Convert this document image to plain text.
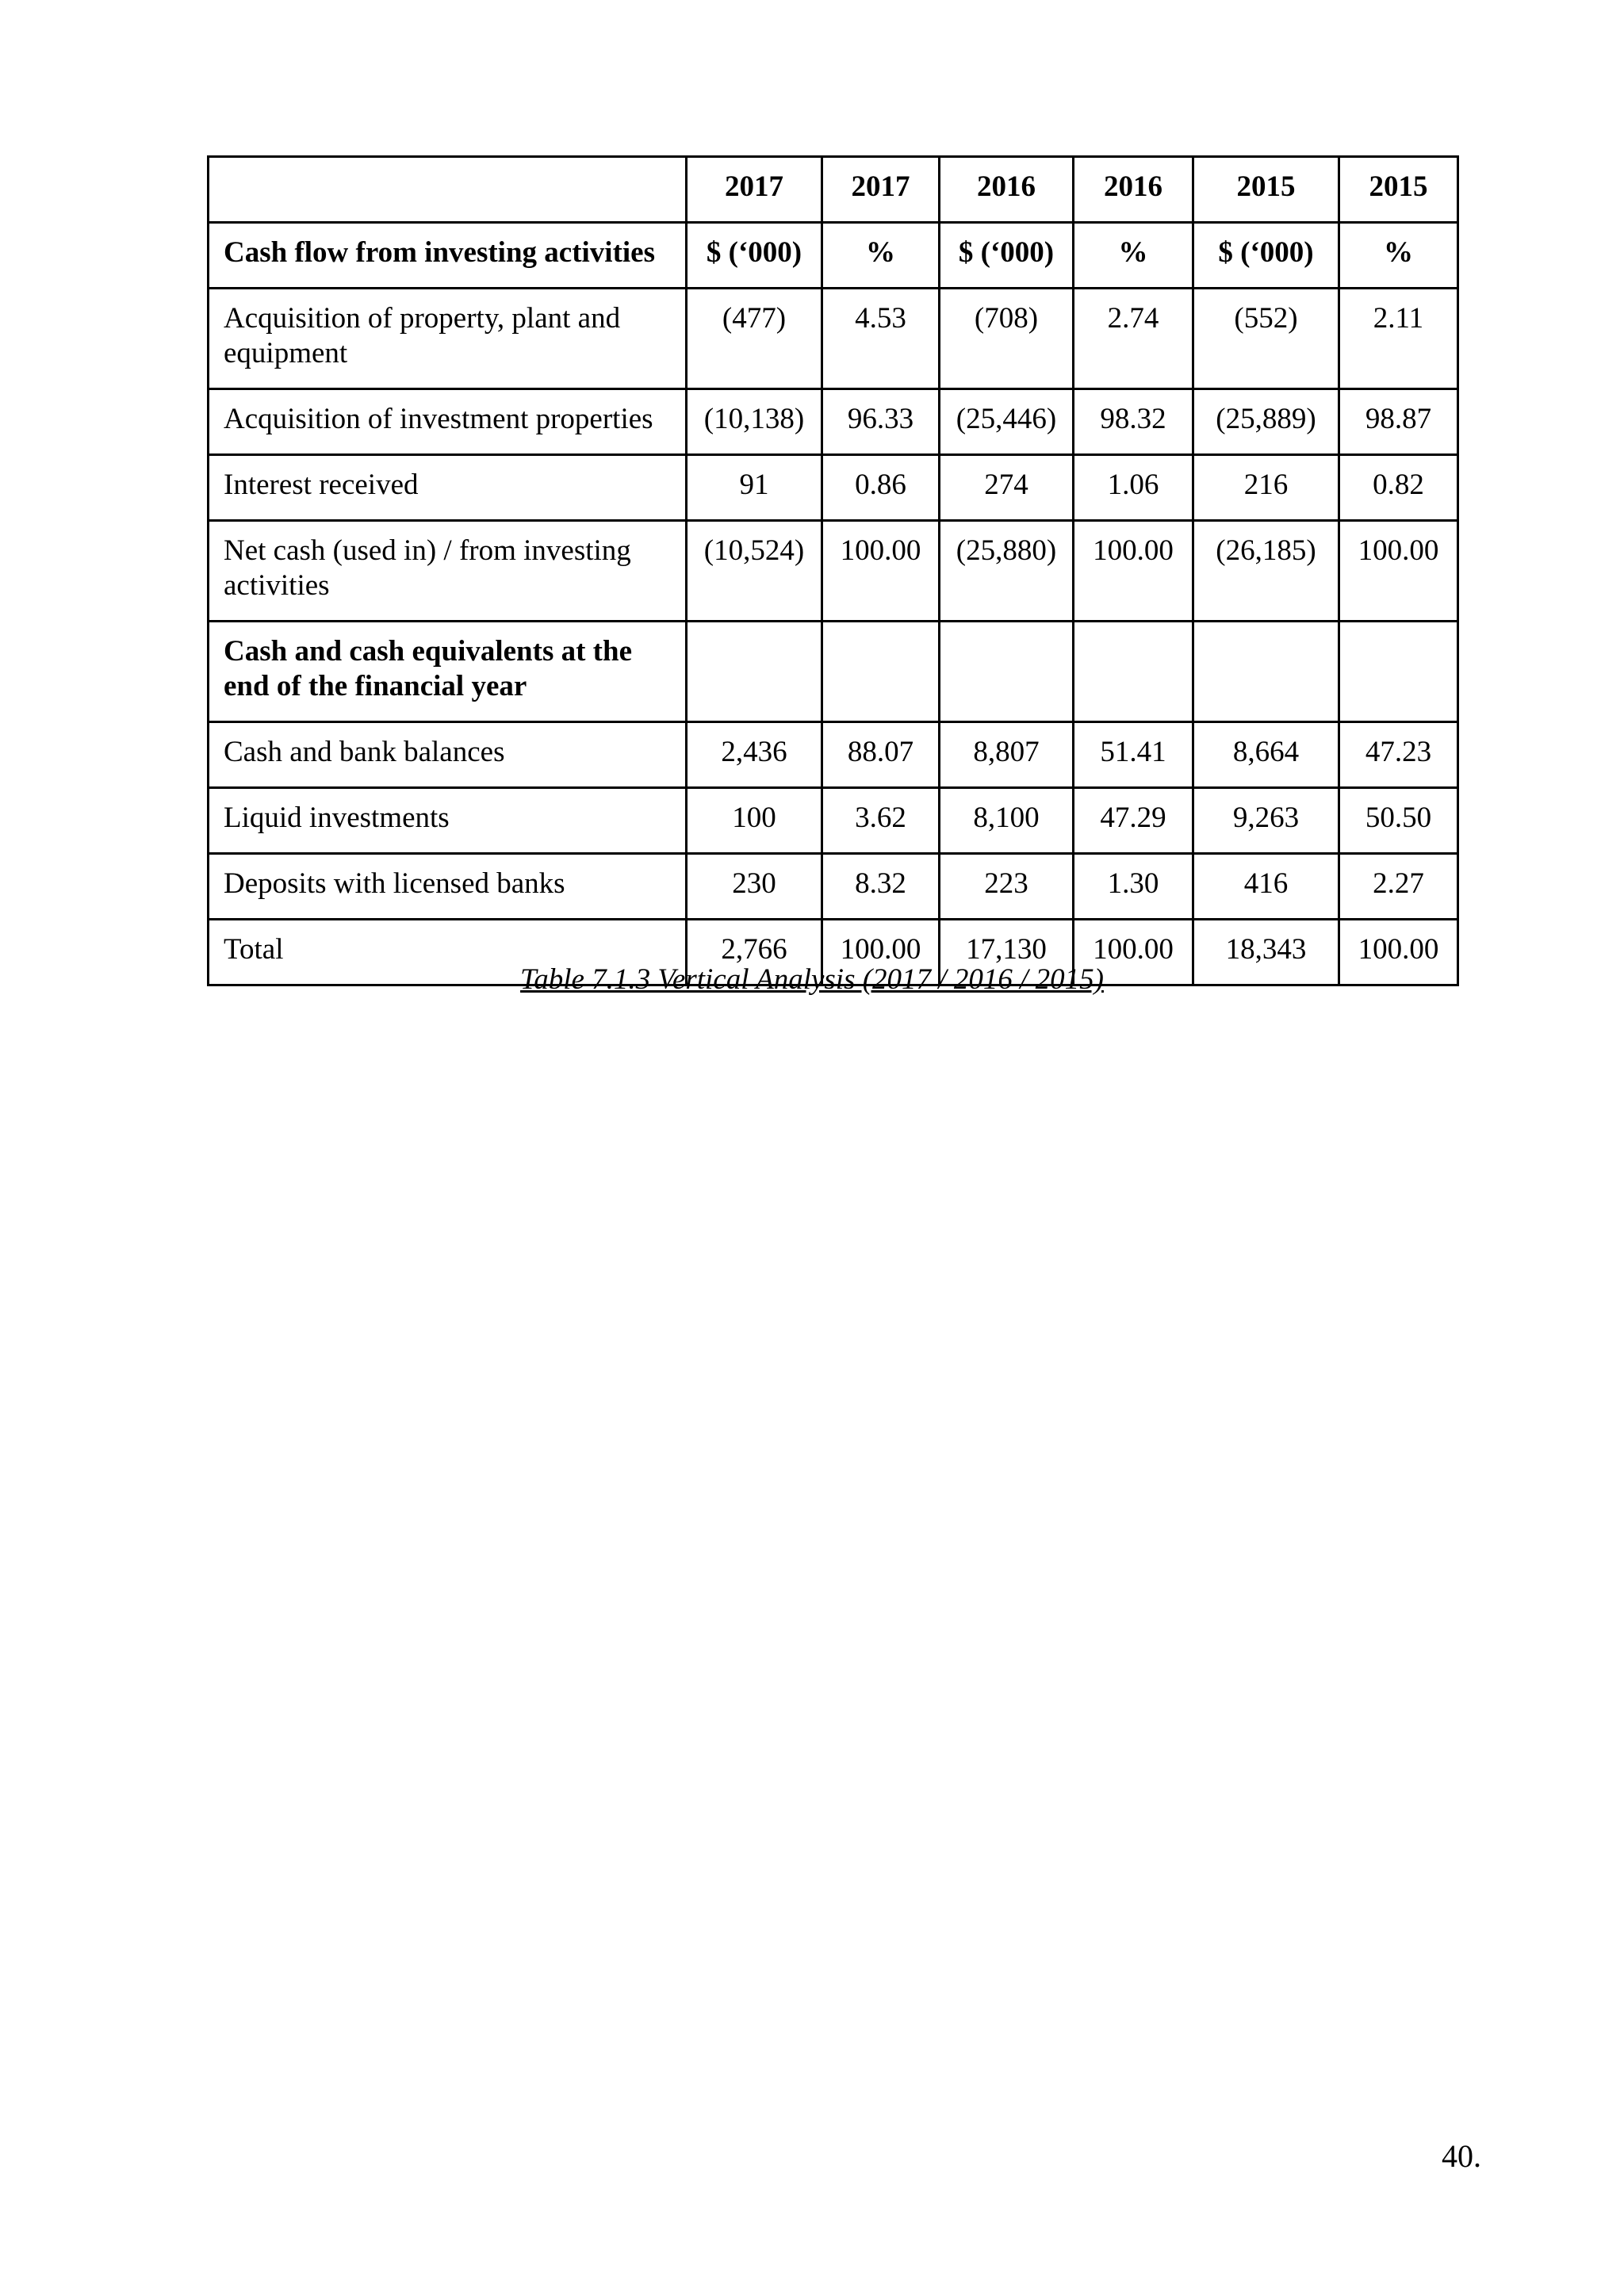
	2017	2017	2016	2016	2015	2015
Cash flow from investing activities	$ (‘000)	%	$ (‘000)	%	$ (‘000)	%
Acquisition of property, plant and equipment	(477)	4.53	(708)	2.74	(552)	2.11
Acquisition of investment properties	(10,138)	96.33	(25,446)	98.32	(25,889)	98.87
Interest received	91	0.86	274	1.06	216	0.82
Net cash (used in) / from investing activities	(10,524)	100.00	(25,880)	100.00	(26,185)	100.00
Cash and cash equivalents at the end of the financial year						
Cash and bank balances	2,436	88.07	8,807	51.41	8,664	47.23
Liquid investments	100	3.62	8,100	47.29	9,263	50.50
Deposits with licensed banks	230	8.32	223	1.30	416	2.27
Total	2,766	100.00	17,130	100.00	18,343	100.00
Table 7.1.3 Vertical Analysis (2017 / 2016 / 2015)
40.
